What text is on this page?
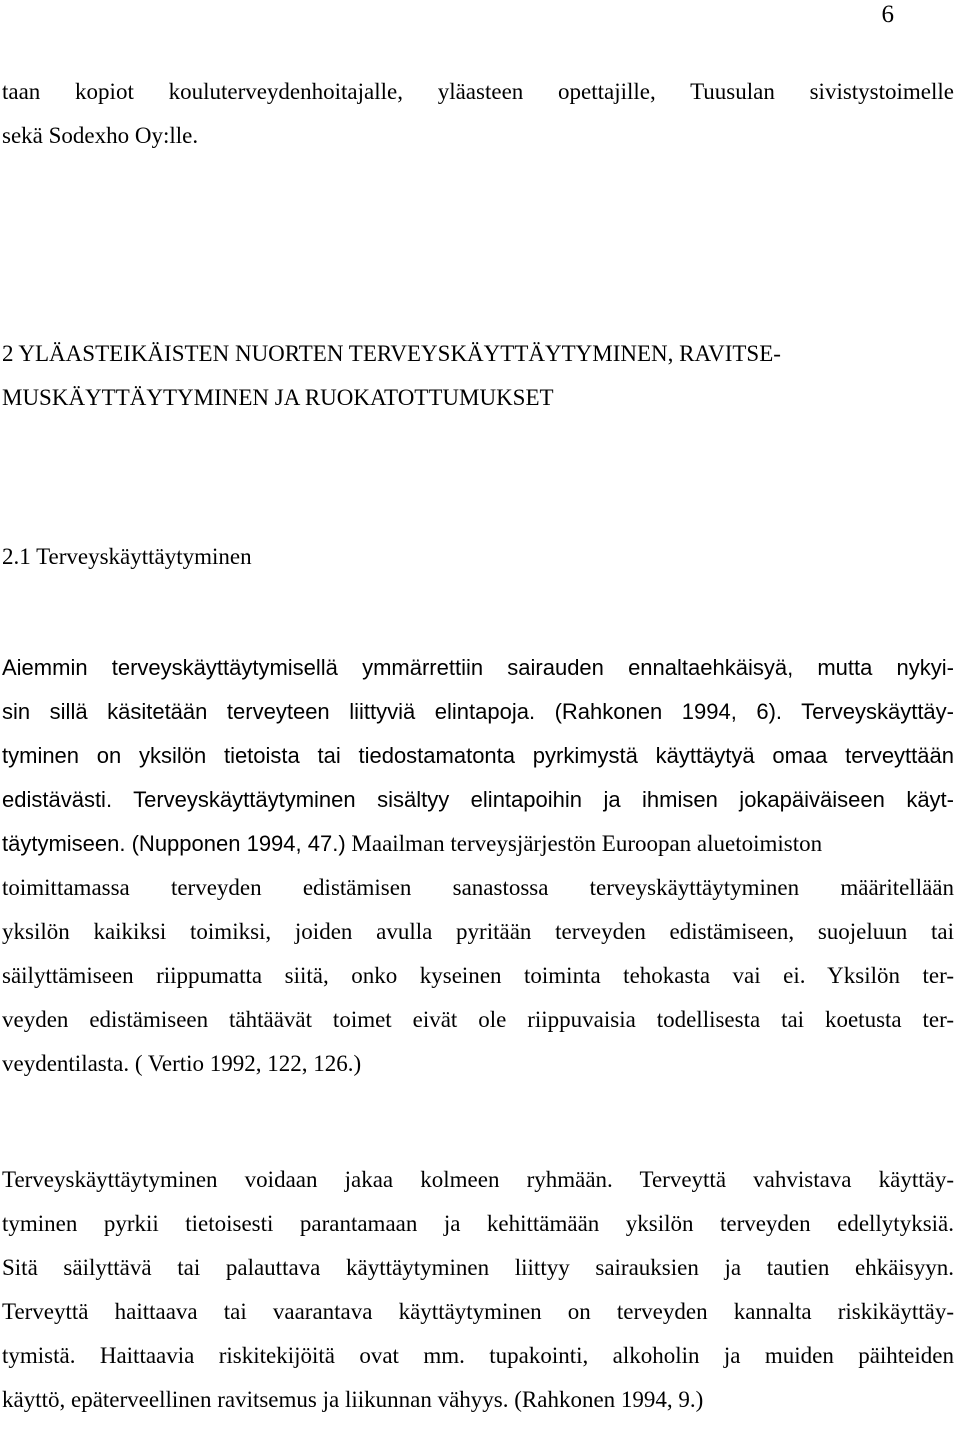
6
taan kopiot kouluterveydenhoitajalle, yläasteen opettajille, Tuusulan sivistystoimelle
sekä Sodexho Oy:lle.
2 YLÄASTEIKÄISTEN NUORTEN TERVEYSKÄYTTÄYTYMINEN, RAVITSE-
MUSKÄYTTÄYTYMINEN JA RUOKATOTTUMUKSET
2.1 Terveyskäyttäytyminen
Aiemmin terveyskäyttäytymisellä ymmärrettiin sairauden ennaltaehkäisyä, mutta nykyi-
sin sillä käsitetään terveyteen liittyviä elintapoja. (Rahkonen 1994, 6). Terveyskäyttäy-
tyminen on yksilön tietoista tai tiedostamatonta pyrkimystä käyttäytyä omaa terveyttään
edistävästi. Terveyskäyttäytyminen sisältyy elintapoihin ja ihmisen jokapäiväiseen käyt-
täytymiseen. (Nupponen 1994, 47.) Maailman terveysjärjestön Euroopan aluetoimiston
toimittamassa terveyden edistämisen sanastossa terveyskäyttäytyminen määritellään
yksilön kaikiksi toimiksi, joiden avulla pyritään terveyden edistämiseen, suojeluun tai
säilyttämiseen riippumatta siitä, onko kyseinen toiminta tehokasta vai ei. Yksilön ter-
veyden edistämiseen tähtäävät toimet eivät ole riippuvaisia todellisesta tai koetusta ter-
veydentilasta. ( Vertio 1992, 122, 126.)
Terveyskäyttäytyminen voidaan jakaa kolmeen ryhmään. Terveyttä vahvistava käyttäy-
tyminen pyrkii tietoisesti parantamaan ja kehittämään yksilön terveyden edellytyksiä.
Sitä säilyttävä tai palauttava käyttäytyminen liittyy sairauksien ja tautien ehkäisyyn.
Terveyttä haittaava tai vaarantava käyttäytyminen on terveyden kannalta riskikäyttäy-
tymistä. Haittaavia riskitekijöitä ovat mm. tupakointi, alkoholin ja muiden päihteiden
käyttö, epäterveellinen ravitsemus ja liikunnan vähyys. (Rahkonen 1994, 9.)
